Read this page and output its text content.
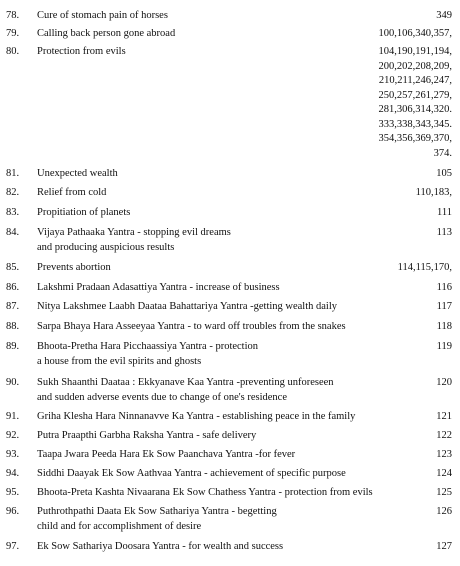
78. Cure of stomach pain of horses	349
79. Calling back person gone abroad	100,106,340,357,
80. Protection from evils	104,190,191,194,
200,202,208,209,
210,211,246,247,
250,257,261,279,
281,306,314,320.
333,338,343,345.
354,356,369,370,
374.
81. Unexpected wealth	105
82. Relief from cold	110,183,
83. Propitiation of planets	111
84. Vijaya Pathaaka Yantra - stopping evil dreams
and producing auspicious results
113
85. Prevents abortion	114,115,170,
86. Lakshmi Pradaan Adasattiya Yantra - increase of business	116
87. Nitya Lakshmee Laabh Daataa Bahattariya Yantra -getting wealth daily	117
88. Sarpa Bhaya Hara Asseeyaa Yantra - to ward off troubles from the snakes	118
89. Bhoota-Pretha Hara Picchaassiya Yantra - protection
a house from the evil spirits and ghosts
119
90. Sukh Shaanthi Daataa : Ekkyanave Kaa Yantra -preventing unforeseen
and sudden adverse events due to change of one's residence
120
91. Griha Klesha Hara Ninnanavve Ka Yantra - establishing peace in the family	121
92. Putra Praapthi Garbha Raksha Yantra - safe delivery	122
93. Taapa Jwara Peeda Hara Ek Sow Paanchava Yantra -for fever	123
94. Siddhi Daayak Ek Sow Aathvaa Yantra - achievement of specific purpose	124
95. Bhoota-Preta Kashta Nivaarana Ek Sow Chathess Yantra - protection from evils	125
96. Puthrothpathi Daata Ek Sow Sathariya Yantra - begetting
child and for accomplishment of desire
126
97. Ek Sow Sathariya Doosara Yantra - for wealth and success	127
